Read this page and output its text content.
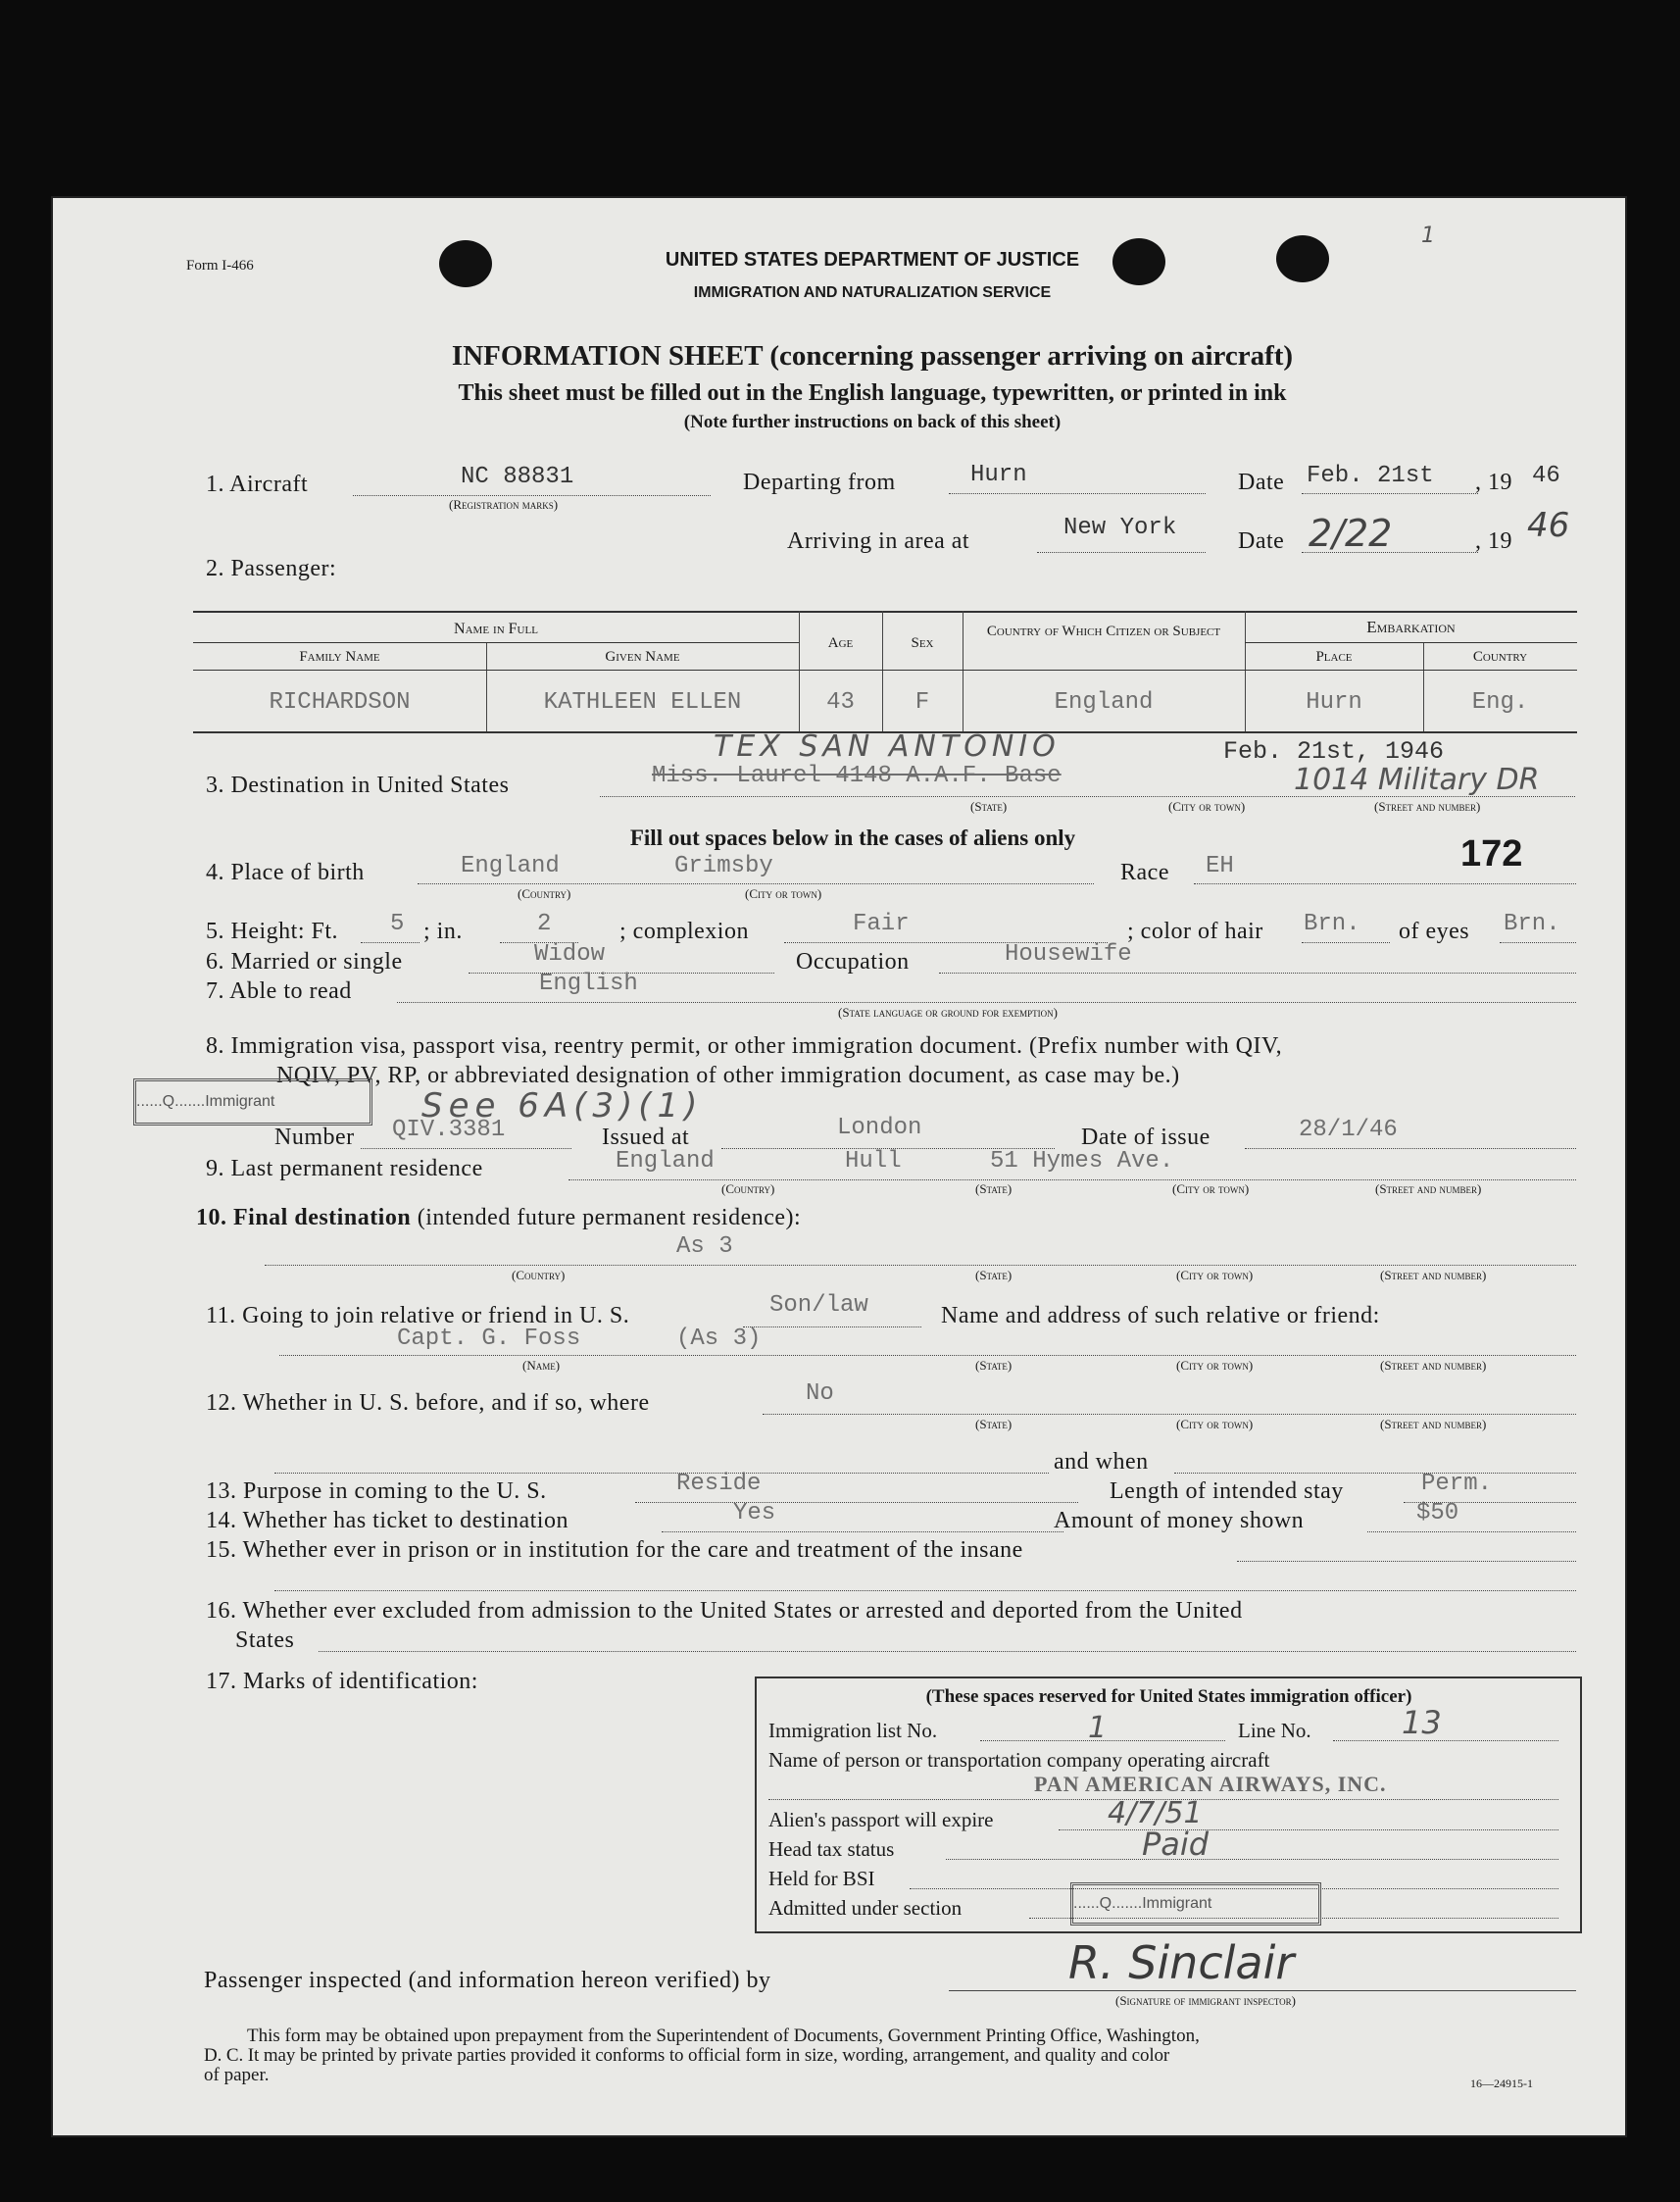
Form I-466
1
UNITED STATES DEPARTMENT OF JUSTICE
IMMIGRATION AND NATURALIZATION SERVICE
INFORMATION SHEET (concerning passenger arriving on aircraft)
This sheet must be filled out in the English language, typewritten, or printed in ink
(Note further instructions on back of this sheet)
1. Aircraft	NC 88831
(Registration marks)
Departing from	Hurn	Date Feb. 21st , 19 46
Arriving in area at	New York	Date 2/22	, 19 46
2. Passenger:
Name in Full
Family Name	Given Name
Age	Sex
Country of Which Citizen or Subject	Embarkation
Place	Country
RICHARDSON	KATHLEEN ELLEN	43	F	England	Hurn	Eng.
3. Destination in United States	Miss. Laurel 4148 A.A.F. Base
TEX SAN ANTONIO
1014 Military DR
Feb. 21st, 1946
(State)	(City or town)	(Street and number)
Fill out spaces below in the cases of aliens only
4. Place of birth	England	Grimsby
(Country)	(City or town)
Race EH	172
5. Height: Ft. 5 ; in.	2	; complexion	Fair	; color of hair Brn. of eyes Brn.
6. Married or single	Widow	Occupation	Housewife
7. Able to read	English
(State language or ground for exemption)
8. Immigration visa, passport visa, reentry permit, or other immigration document. (Prefix number with QIV,
NQIV, PV, RP, or abbreviated designation of other immigration document, as case may be.)
......Q.......Immigrant	See 6A(3)(1)
Number QIV.3381	Issued at	London	Date of issue	28/1/46
9. Last permanent residence	England	Hull	51 Hymes Ave.
(Country)	(State)	(City or town)	(Street and number)
10. Final destination (intended future permanent residence):
As 3
(Country)	(State)	(City or town)	(Street and number)
11. Going to join relative or friend in U. S.	Son/law	Name and address of such relative or friend:
Capt. G. Foss	(As 3)
(Name)	(State)	(City or town)	(Street and number)
12. Whether in U. S. before, and if so, where	No
(State)	(City or town)	(Street and number)
and when
13. Purpose in coming to the U. S.	Reside	Length of intended stay	Perm.
14. Whether has ticket to destination	Yes	Amount of money shown	$50
15. Whether ever in prison or in institution for the care and treatment of the insane
16. Whether ever excluded from admission to the United States or arrested and deported from the United
States
17. Marks of identification:
(These spaces reserved for United States immigration officer)
Immigration list No.	1	Line No.	13
Name of person or transportation company operating aircraft
PAN AMERICAN AIRWAYS, INC.
Alien's passport will expire	4/7/51
Head tax status	Paid
Held for BSI
Admitted under section	......Q.......Immigrant
Passenger inspected (and information hereon verified) by	R. Sinclair
(Signature of immigrant inspector)
This form may be obtained upon prepayment from the Superintendent of Documents, Government Printing Office, Washington,
D. C. It may be printed by private parties provided it conforms to official form in size, wording, arrangement, and quality and color
of paper.	16—24915-1
